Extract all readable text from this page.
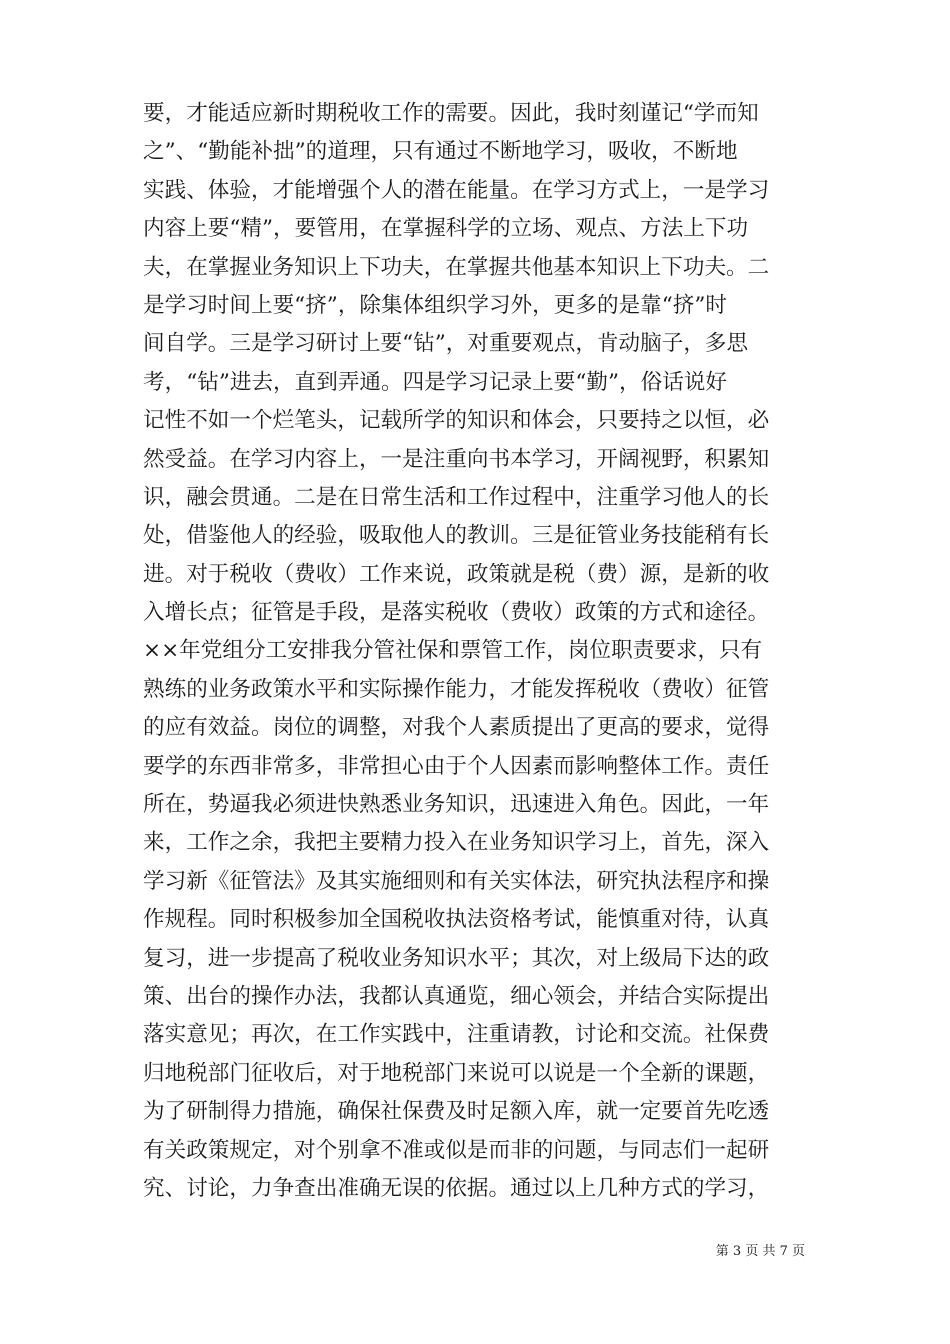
要，才能适应新时期税收工作的需要。因此，我时刻谨记“学而知
之”、“勤能补拙”的道理，只有通过不断地学习，吸收，不断地
实践、体验，才能增强个人的潜在能量。在学习方式上，一是学习
内容上要“精”，要管用，在掌握科学的立场、观点、方法上下功
夫，在掌握业务知识上下功夫，在掌握共他基本知识上下功夫。二
是学习时间上要“挤”，除集体组织学习外，更多的是靠“挤”时
间自学。三是学习研讨上要“钻”，对重要观点，肯动脑子，多思
考，“钻”进去，直到弄通。四是学习记录上要“勤”，俗话说好
记性不如一个烂笔头，记载所学的知识和体会，只要持之以恒，必
然受益。在学习内容上，一是注重向书本学习，开阔视野，积累知
识，融会贯通。二是在日常生活和工作过程中，注重学习他人的长
处，借鉴他人的经验，吸取他人的教训。三是征管业务技能稍有长
进。对于税收（费收）工作来说，政策就是税（费）源，是新的收
入增长点；征管是手段，是落实税收（费收）政策的方式和途径。
××年党组分工安排我分管社保和票管工作，岗位职责要求，只有
熟练的业务政策水平和实际操作能力，才能发挥税收（费收）征管
的应有效益。岗位的调整，对我个人素质提出了更高的要求，觉得
要学的东西非常多，非常担心由于个人因素而影响整体工作。责任
所在，势逼我必须进快熟悉业务知识，迅速进入角色。因此，一年
来，工作之余，我把主要精力投入在业务知识学习上，首先，深入
学习新《征管法》及其实施细则和有关实体法，研究执法程序和操
作规程。同时积极参加全国税收执法资格考试，能慎重对待，认真
复习，进一步提高了税收业务知识水平；其次，对上级局下达的政
策、出台的操作办法，我都认真通览，细心领会，并结合实际提出
落实意见；再次，在工作实践中，注重请教，讨论和交流。社保费
归地税部门征收后，对于地税部门来说可以说是一个全新的课题，
为了研制得力措施，确保社保费及时足额入库，就一定要首先吃透
有关政策规定，对个别拿不准或似是而非的问题，与同志们一起研
究、讨论，力争查出准确无误的依据。通过以上几种方式的学习，
第 3 页 共 7 页
